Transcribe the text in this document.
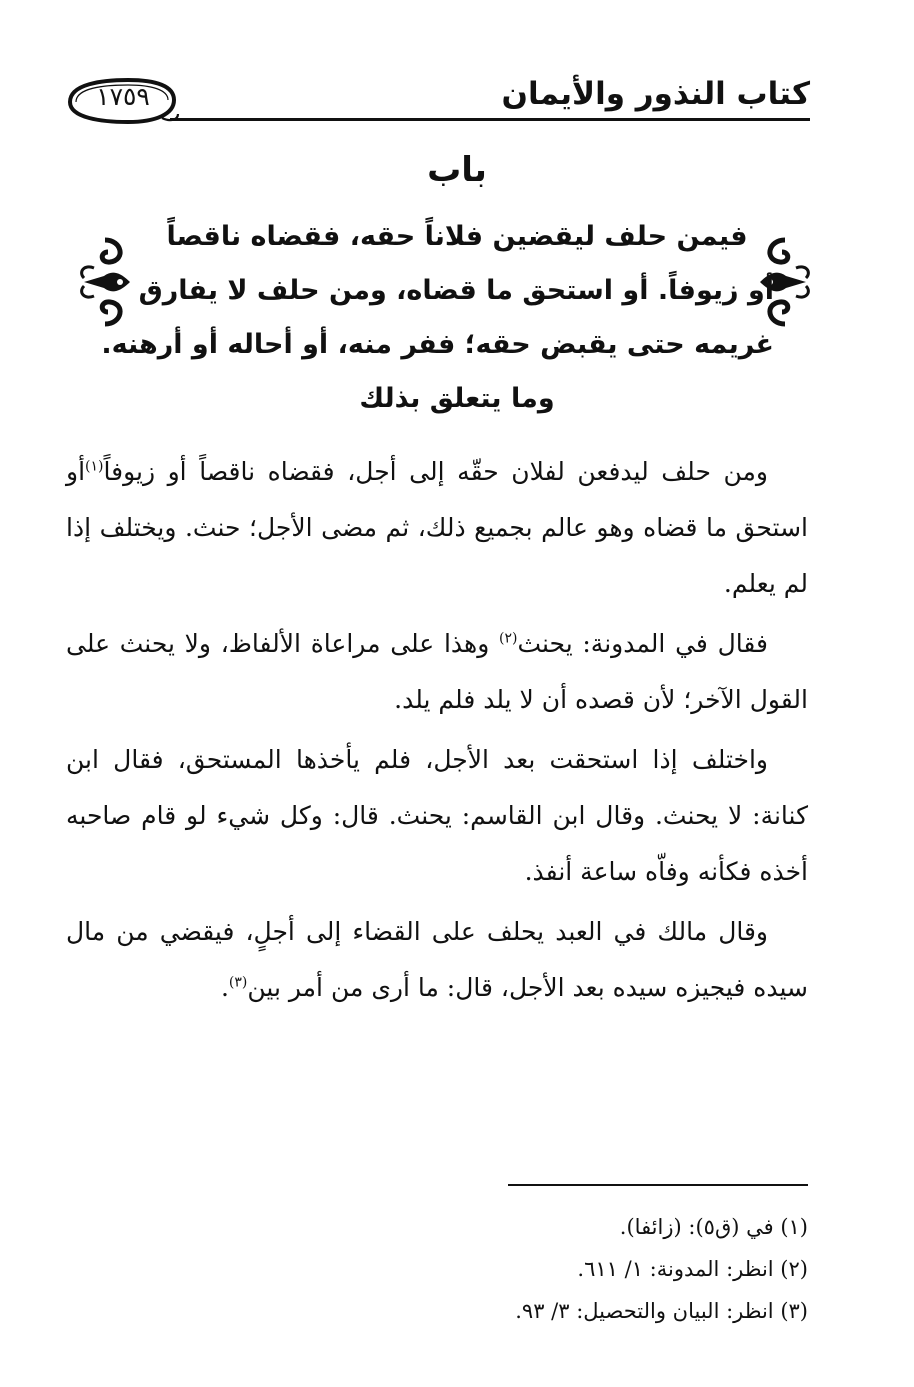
كتاب النذور والأيمان
١٧٥٩
باب
فيمن حلف ليقضين فلاناً حقه، فقضاه ناقصاً
أو زيوفاً. أو استحق ما قضاه، ومن حلف لا يفارق
غريمه حتى يقبض حقه؛ ففر منه، أو أحاله أو أرهنه.
وما يتعلق بذلك

ومن حلف ليدفعن لفلان حقّه إلى أجل، فقضاه ناقصاً أو زيوفاً$^{(١)}$أو استحق ما قضاه وهو عالم بجميع ذلك، ثم مضى الأجل؛ حنث. ويختلف إذا لم يعلم.

فقال في المدونة: يحنث$^{(٢)}$ وهذا على مراعاة الألفاظ، ولا يحنث على القول الآخر؛ لأن قصده أن لا يلد فلم يلد.

واختلف إذا استحقت بعد الأجل، فلم يأخذها المستحق، فقال ابن كنانة: لا يحنث. وقال ابن القاسم: يحنث. قال: وكل شيء لو قام صاحبه أخذه فكأنه وفاّه ساعة أنفذ.

وقال مالك في العبد يحلف على القضاء إلى أجلٍ، فيقضي من مال سيده فيجيزه سيده بعد الأجل، قال: ما أرى من أمر بين$^{(٣)}$.

(١) في (ق٥): (زائفا).
(٢) انظر: المدونة: ١/ ٦١١.
(٣) انظر: البيان والتحصيل: ٣/ ٩٣.
